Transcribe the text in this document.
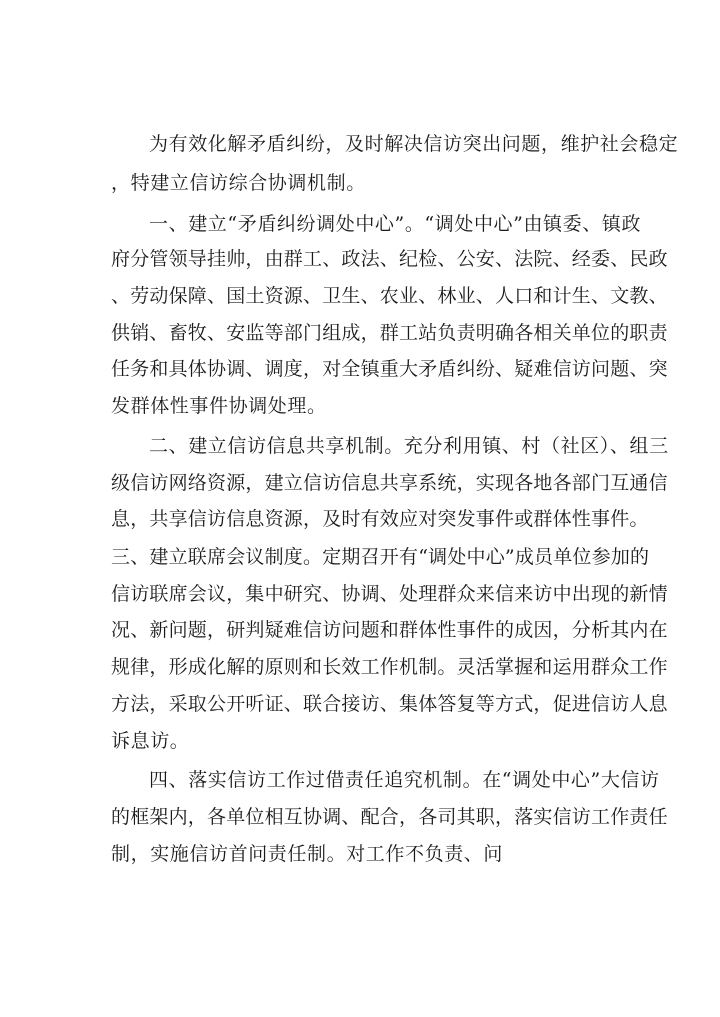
为有效化解矛盾纠纷，及时解决信访突出问题，维护社会稳定
，特建立信访综合协调机制。
一、建立“矛盾纠纷调处中心”。“调处中心”由镇委、镇政
府分管领导挂帅，由群工、政法、纪检、公安、法院、经委、民政
、劳动保障、国土资源、卫生、农业、林业、人口和计生、文教、
供销、畜牧、安监等部门组成，群工站负责明确各相关单位的职责
任务和具体协调、调度，对全镇重大矛盾纠纷、疑难信访问题、突
发群体性事件协调处理。
二、建立信访信息共享机制。充分利用镇、村（社区）、组三
级信访网络资源，建立信访信息共享系统，实现各地各部门互通信
息，共享信访信息资源，及时有效应对突发事件或群体性事件。
三、建立联席会议制度。定期召开有“调处中心”成员单位参加的
信访联席会议，集中研究、协调、处理群众来信来访中出现的新情
况、新问题，研判疑难信访问题和群体性事件的成因，分析其内在
规律，形成化解的原则和长效工作机制。灵活掌握和运用群众工作
方法，采取公开听证、联合接访、集体答复等方式，促进信访人息
诉息访。
四、落实信访工作过借责任追究机制。在“调处中心”大信访
的框架内，各单位相互协调、配合，各司其职，落实信访工作责任
制，实施信访首问责任制。对工作不负责、问
